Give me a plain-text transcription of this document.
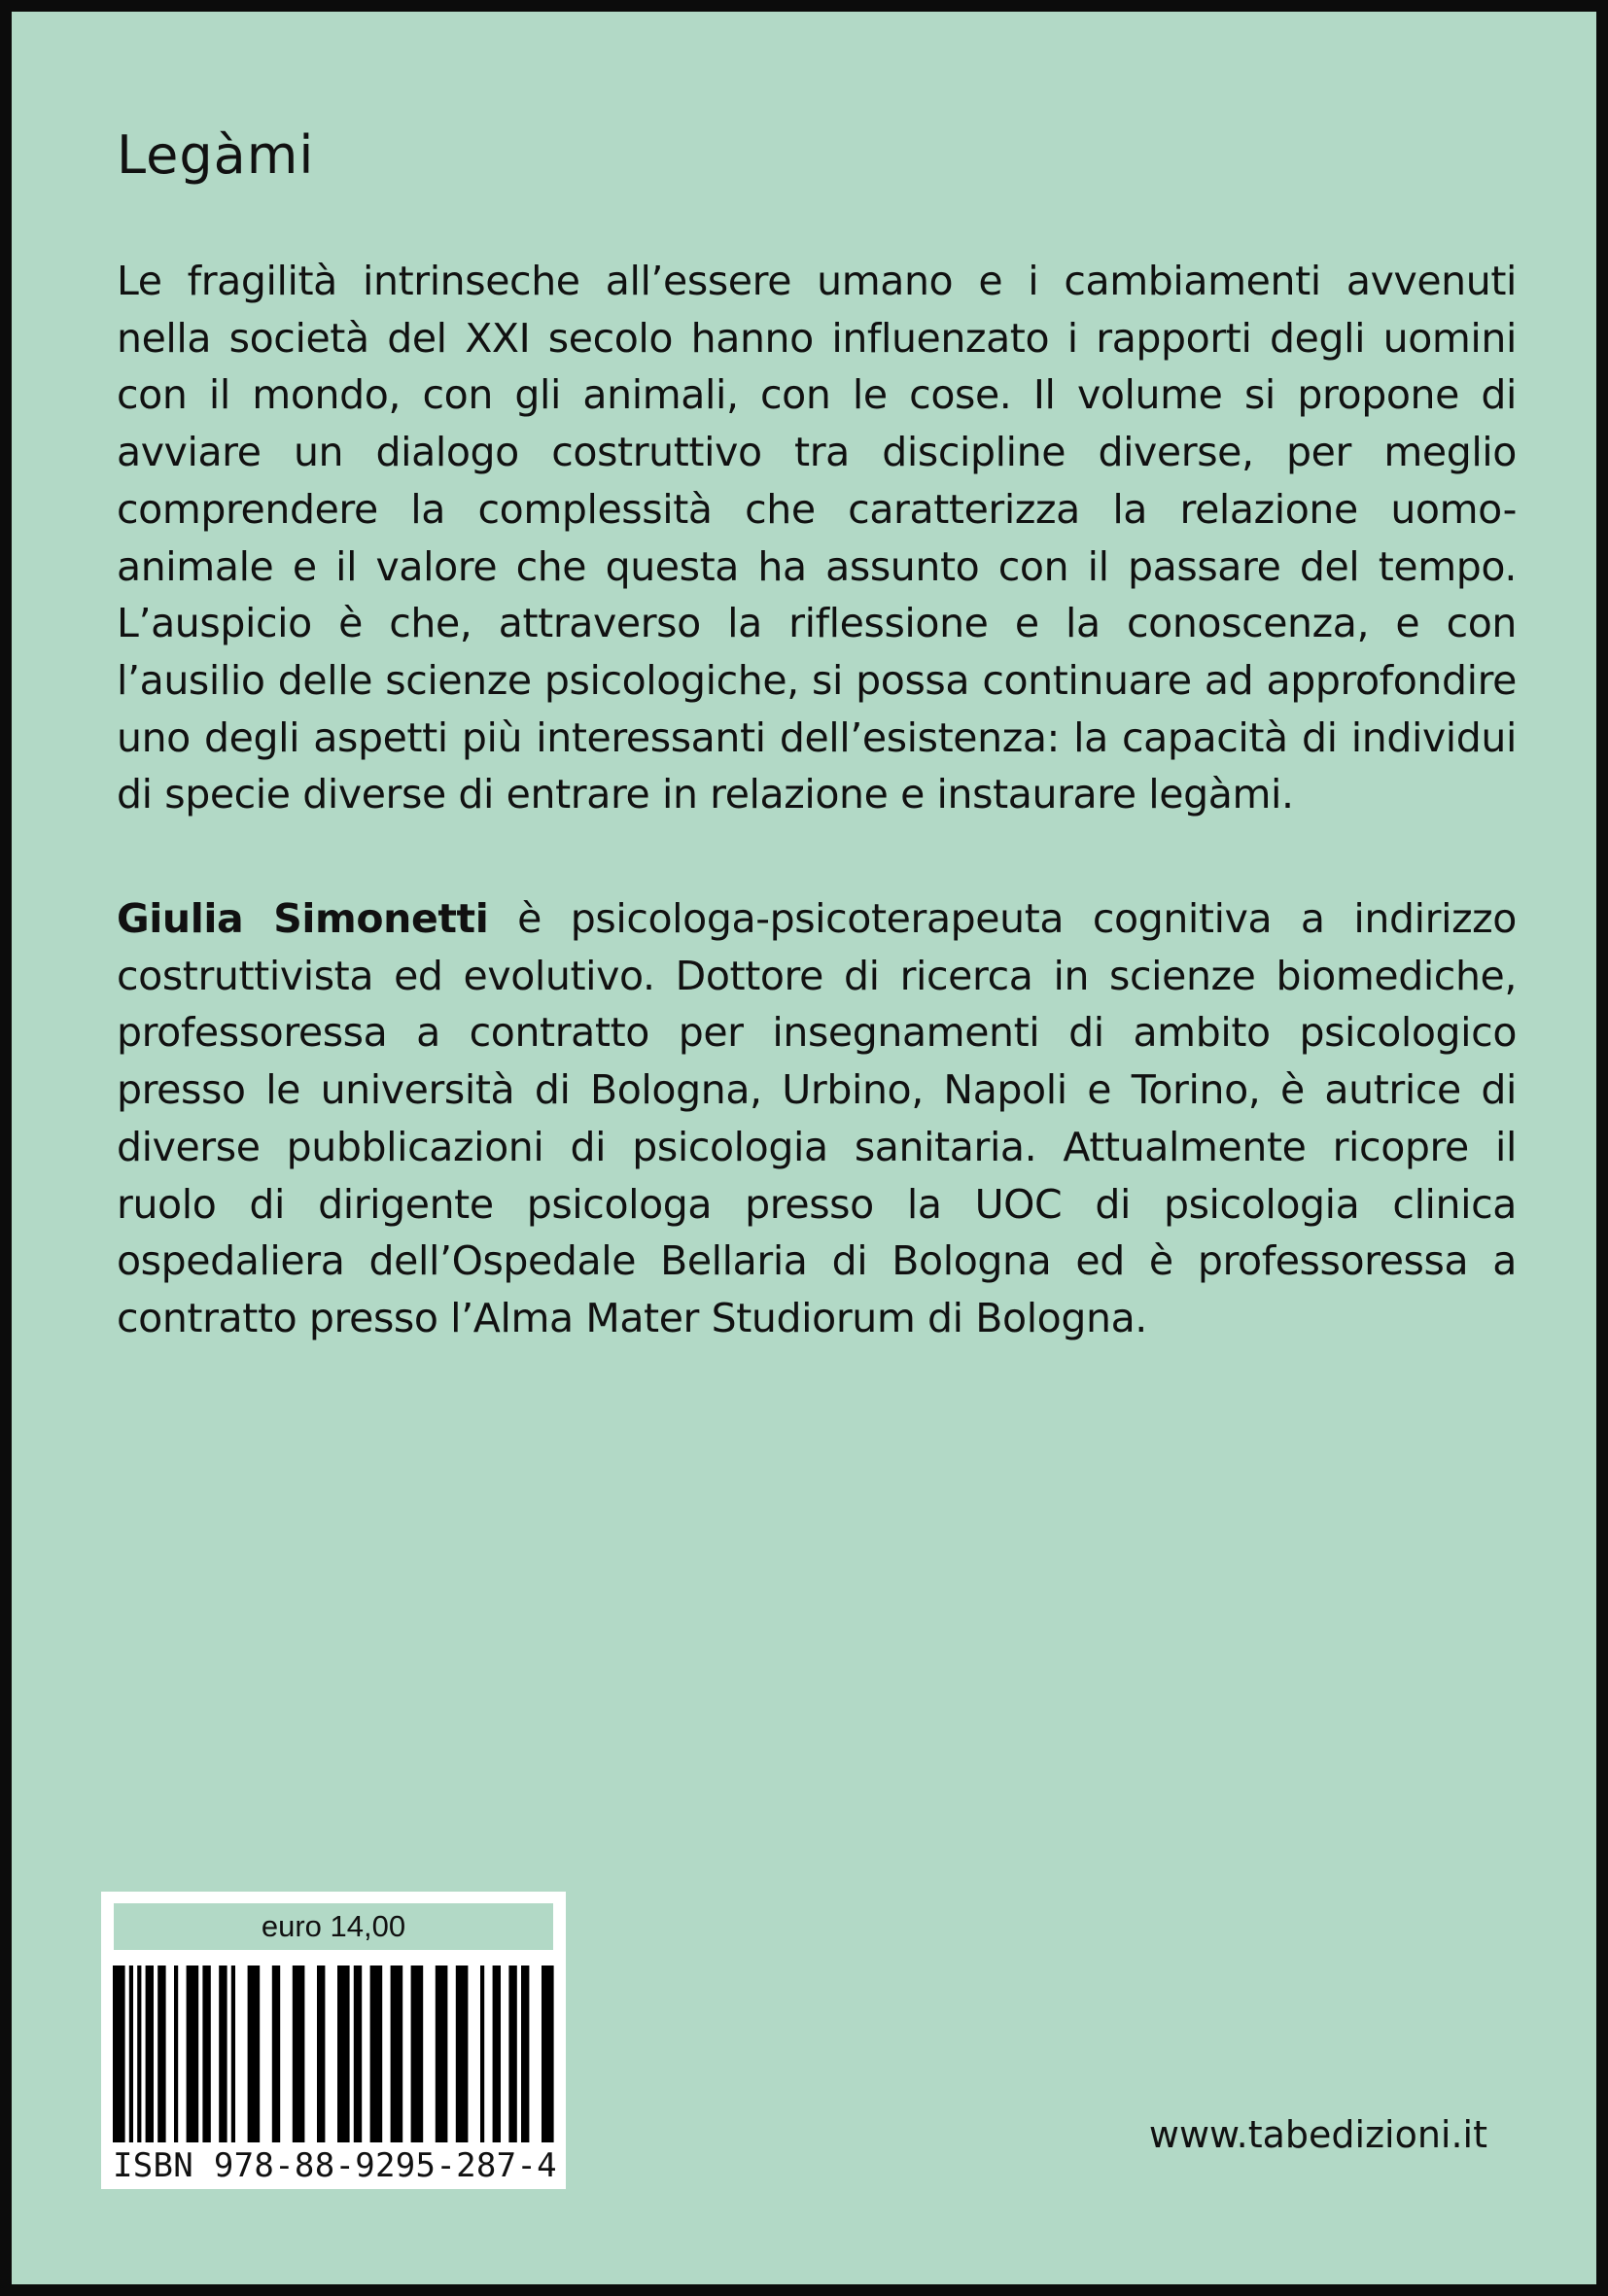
Legàmi

Le fragilità intrinseche all’essere umano e i cambiamenti avvenuti nella società del XXI secolo hanno influenzato i rapporti degli uomini con il mondo, con gli animali, con le cose. Il volume si propone di avviare un dialogo costruttivo tra discipline diverse, per meglio comprendere la complessità che caratterizza la relazione uomo-animale e il valore che questa ha assunto con il passare del tempo. L’auspicio è che, attraverso la riflessione e la conoscenza, e con l’ausilio delle scienze psicologiche, si possa continuare ad approfondire uno degli aspetti più interessanti dell’esistenza: la capacità di individui di specie diverse di entrare in relazione e instaurare legàmi.

Giulia Simonetti è psicologa-psicoterapeuta cognitiva a indirizzo costruttivista ed evolutivo. Dottore di ricerca in scienze biomediche, professoressa a contratto per insegnamenti di ambito psicologico presso le università di Bologna, Urbino, Napoli e Torino, è autrice di diverse pubblicazioni di psicologia sanitaria. Attualmente ricopre il ruolo di dirigente psicologa presso la UOC di psicologia clinica ospedaliera dell’Ospedale Bellaria di Bologna ed è professoressa a contratto presso l’Alma Mater Studiorum di Bologna.

euro 14,00
ISBN 978-88-9295-287-4
www.tabedizioni.it
